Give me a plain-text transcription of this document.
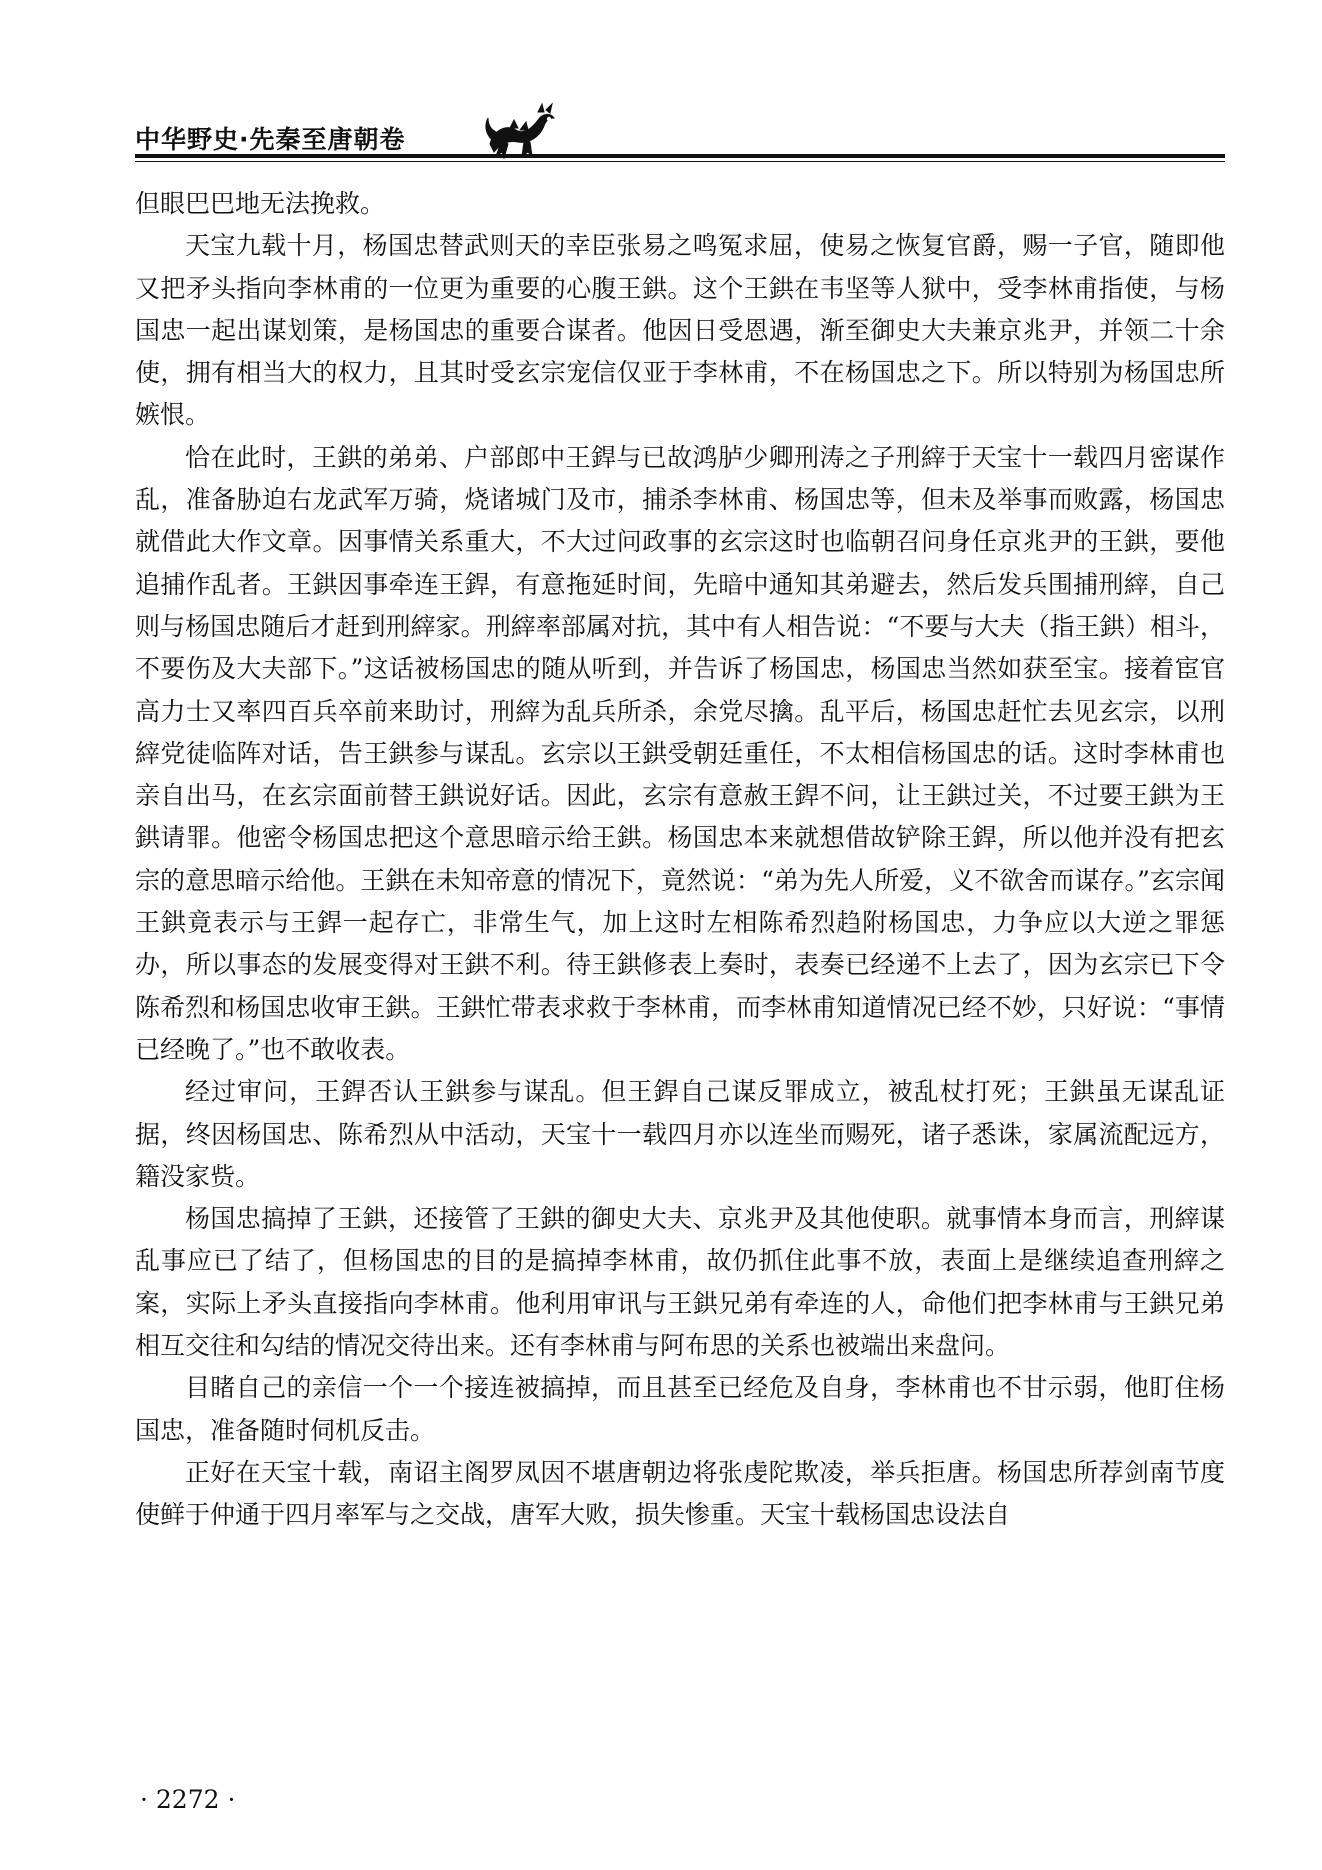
中华野史·先秦至唐朝卷

但眼巴巴地无法挽救。

天宝九载十月，杨国忠替武则天的幸臣张易之鸣冤求屈，使易之恢复官爵，赐一子官，随即他又把矛头指向李林甫的一位更为重要的心腹王鉷。这个王鉷在韦坚等人狱中，受李林甫指使，与杨国忠一起出谋划策，是杨国忠的重要合谋者。他因日受恩遇，渐至御史大夫兼京兆尹，并领二十余使，拥有相当大的权力，且其时受玄宗宠信仅亚于李林甫，不在杨国忠之下。所以特别为杨国忠所嫉恨。

恰在此时，王鉷的弟弟、户部郎中王銲与已故鸿胪少卿刑涛之子刑縡于天宝十一载四月密谋作乱，准备胁迫右龙武军万骑，烧诸城门及市，捕杀李林甫、杨国忠等，但未及举事而败露，杨国忠就借此大作文章。因事情关系重大，不大过问政事的玄宗这时也临朝召问身任京兆尹的王鉷，要他追捕作乱者。王鉷因事牵连王銲，有意拖延时间，先暗中通知其弟避去，然后发兵围捕刑縡，自己则与杨国忠随后才赶到刑縡家。刑縡率部属对抗，其中有人相告说：“不要与大夫（指王鉷）相斗，不要伤及大夫部下。”这话被杨国忠的随从听到，并告诉了杨国忠，杨国忠当然如获至宝。接着宦官高力士又率四百兵卒前来助讨，刑縡为乱兵所杀，余党尽擒。乱平后，杨国忠赶忙去见玄宗，以刑縡党徒临阵对话，告王鉷参与谋乱。玄宗以王鉷受朝廷重任，不太相信杨国忠的话。这时李林甫也亲自出马，在玄宗面前替王鉷说好话。因此，玄宗有意赦王銲不问，让王鉷过关，不过要王鉷为王鉷请罪。他密令杨国忠把这个意思暗示给王鉷。杨国忠本来就想借故铲除王銲，所以他并没有把玄宗的意思暗示给他。王鉷在未知帝意的情况下，竟然说：“弟为先人所爱，义不欲舍而谋存。”玄宗闻王鉷竟表示与王銲一起存亡，非常生气，加上这时左相陈希烈趋附杨国忠，力争应以大逆之罪惩办，所以事态的发展变得对王鉷不利。待王鉷修表上奏时，表奏已经递不上去了，因为玄宗已下令陈希烈和杨国忠收审王鉷。王鉷忙带表求救于李林甫，而李林甫知道情况已经不妙，只好说：“事情已经晚了。”也不敢收表。

经过审问，王銲否认王鉷参与谋乱。但王銲自己谋反罪成立，被乱杖打死；王鉷虽无谋乱证据，终因杨国忠、陈希烈从中活动，天宝十一载四月亦以连坐而赐死，诸子悉诛，家属流配远方，籍没家赀。

杨国忠搞掉了王鉷，还接管了王鉷的御史大夫、京兆尹及其他使职。就事情本身而言，刑縡谋乱事应已了结了，但杨国忠的目的是搞掉李林甫，故仍抓住此事不放，表面上是继续追查刑縡之案，实际上矛头直接指向李林甫。他利用审讯与王鉷兄弟有牵连的人，命他们把李林甫与王鉷兄弟相互交往和勾结的情况交待出来。还有李林甫与阿布思的关系也被端出来盘问。

目睹自己的亲信一个一个接连被搞掉，而且甚至已经危及自身，李林甫也不甘示弱，他盯住杨国忠，准备随时伺机反击。

正好在天宝十载，南诏主阁罗凤因不堪唐朝边将张虔陀欺凌，举兵拒唐。杨国忠所荐剑南节度使鲜于仲通于四月率军与之交战，唐军大败，损失惨重。天宝十载杨国忠设法自

· 2272 ·
